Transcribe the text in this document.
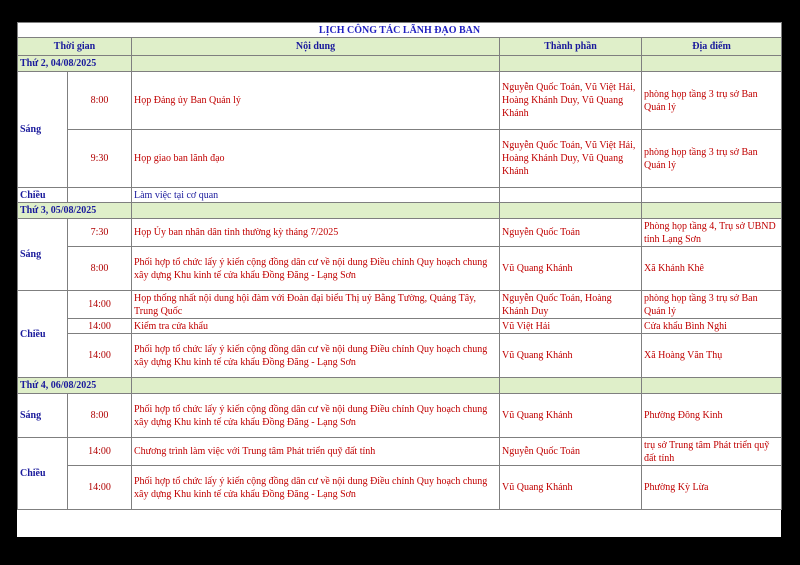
LỊCH CÔNG TÁC LÃNH ĐẠO BAN				
Thời gian		Nội dung	Thành phần	Địa điểm
Thứ 2, 04/08/2025				
Sáng	8:00	Họp Đảng ủy Ban Quản lý	Nguyễn Quốc Toản, Vũ Việt Hải, Hoàng Khánh Duy, Vũ Quang Khánh	phòng họp tầng 3 trụ sở Ban Quản lý
	9:30	Họp giao ban lãnh đạo	Nguyễn Quốc Toản, Vũ Việt Hải, Hoàng Khánh Duy, Vũ Quang Khánh	phòng họp tầng 3 trụ sở Ban Quản lý
Chiều		Làm việc tại cơ quan		
Thứ 3, 05/08/2025				
Sáng	7:30	Họp Ủy ban nhân dân tỉnh thường kỳ tháng 7/2025	Nguyễn Quốc Toản	Phòng họp tầng 4, Trụ sở UBND tỉnh Lạng Sơn
	8:00	Phối hợp tổ chức lấy ý kiến cộng đồng dân cư về nội dung Điều chỉnh Quy hoạch chung xây dựng Khu kinh tế cửa khẩu Đồng Đăng - Lạng Sơn	Vũ Quang Khánh	Xã Khánh Khê
Chiều	14:00	Họp thống nhất nội dung hội đàm với Đoàn đại biểu Thị uỷ Bằng Tường, Quảng Tây, Trung Quốc	Nguyễn Quốc Toản, Hoàng Khánh Duy	phòng họp tầng 3 trụ sở Ban Quản lý
	14:00	Kiểm tra cửa khẩu	Vũ Việt Hải	Cửa khẩu Bình Nghi
	14:00	Phối hợp tổ chức lấy ý kiến cộng đồng dân cư về nội dung Điều chỉnh Quy hoạch chung xây dựng Khu kinh tế cửa khẩu Đồng Đăng - Lạng Sơn	Vũ Quang Khánh	Xã Hoàng Văn Thụ
Thứ 4, 06/08/2025				
Sáng	8:00	Phối hợp tổ chức lấy ý kiến cộng đồng dân cư về nội dung Điều chỉnh Quy hoạch chung xây dựng Khu kinh tế cửa khẩu Đồng Đăng - Lạng Sơn	Vũ Quang Khánh	Phường Đông Kinh
Chiều	14:00	Chương trình làm việc với Trung tâm Phát triển quỹ đất tỉnh	Nguyễn Quốc Toản	trụ sở Trung tâm Phát triển quỹ đất tỉnh
	14:00	Phối hợp tổ chức lấy ý kiến cộng đồng dân cư về nội dung Điều chỉnh Quy hoạch chung xây dựng Khu kinh tế cửa khẩu Đồng Đăng - Lạng Sơn	Vũ Quang Khánh	Phường Kỳ Lừa
